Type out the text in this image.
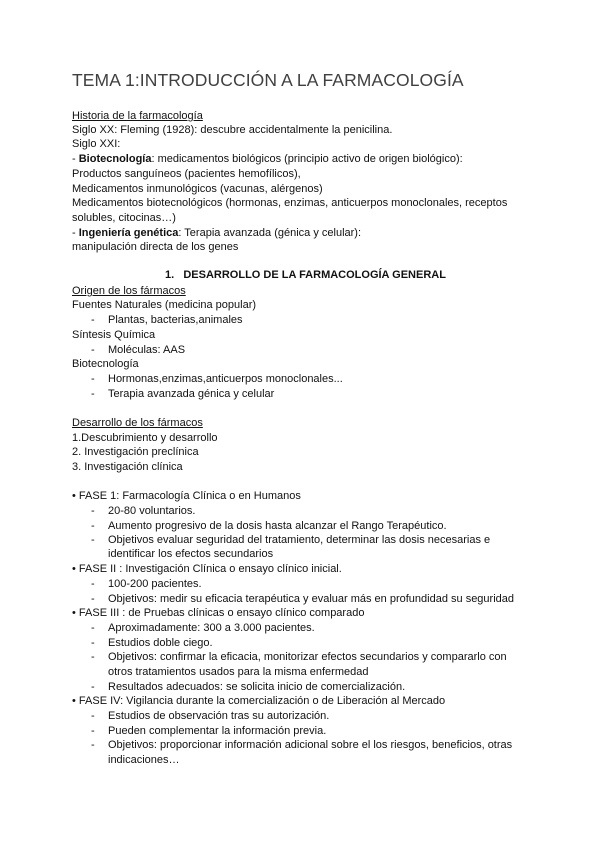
TEMA 1:INTRODUCCIÓN A LA FARMACOLOGÍA
Historia de la farmacología
Siglo XX: Fleming (1928): descubre accidentalmente la penicilina.
Siglo XXI:
- Biotecnología: medicamentos biológicos (principio activo de origen biológico):
Productos sanguíneos (pacientes hemofílicos),
Medicamentos inmunológicos (vacunas, alérgenos)
Medicamentos biotecnológicos (hormonas, enzimas, anticuerpos monoclonales, receptos
solubles, citocinas…)
- Ingeniería genética: Terapia avanzada (génica y celular):
manipulación directa de los genes
1. DESARROLLO DE LA FARMACOLOGÍA GENERAL
Origen de los fármacos
Fuentes Naturales (medicina popular)
- Plantas, bacterias,animales
Síntesis Química
- Moléculas: AAS
Biotecnología
- Hormonas,enzimas,anticuerpos monoclonales...
- Terapia avanzada génica y celular
Desarrollo de los fármacos
1.Descubrimiento y desarrollo
2. Investigación preclínica
3. Investigación clínica
• FASE 1: Farmacología Clínica o en Humanos
- 20-80 voluntarios.
- Aumento progresivo de la dosis hasta alcanzar el Rango Terapéutico.
- Objetivos evaluar seguridad del tratamiento, determinar las dosis necesarias e
identificar los efectos secundarios
• FASE II : Investigación Clínica o ensayo clínico inicial.
- 100-200 pacientes.
- Objetivos: medir su eficacia terapéutica y evaluar más en profundidad su seguridad
• FASE III : de Pruebas clínicas o ensayo clínico comparado
- Aproximadamente: 300 a 3.000 pacientes.
- Estudios doble ciego.
- Objetivos: confirmar la eficacia, monitorizar efectos secundarios y compararlo con
otros tratamientos usados para la misma enfermedad
- Resultados adecuados: se solicita inicio de comercialización.
• FASE IV: Vigilancia durante la comercialización o de Liberación al Mercado
- Estudios de observación tras su autorización.
- Pueden complementar la información previa.
- Objetivos: proporcionar información adicional sobre el los riesgos, beneficios, otras
indicaciones…
